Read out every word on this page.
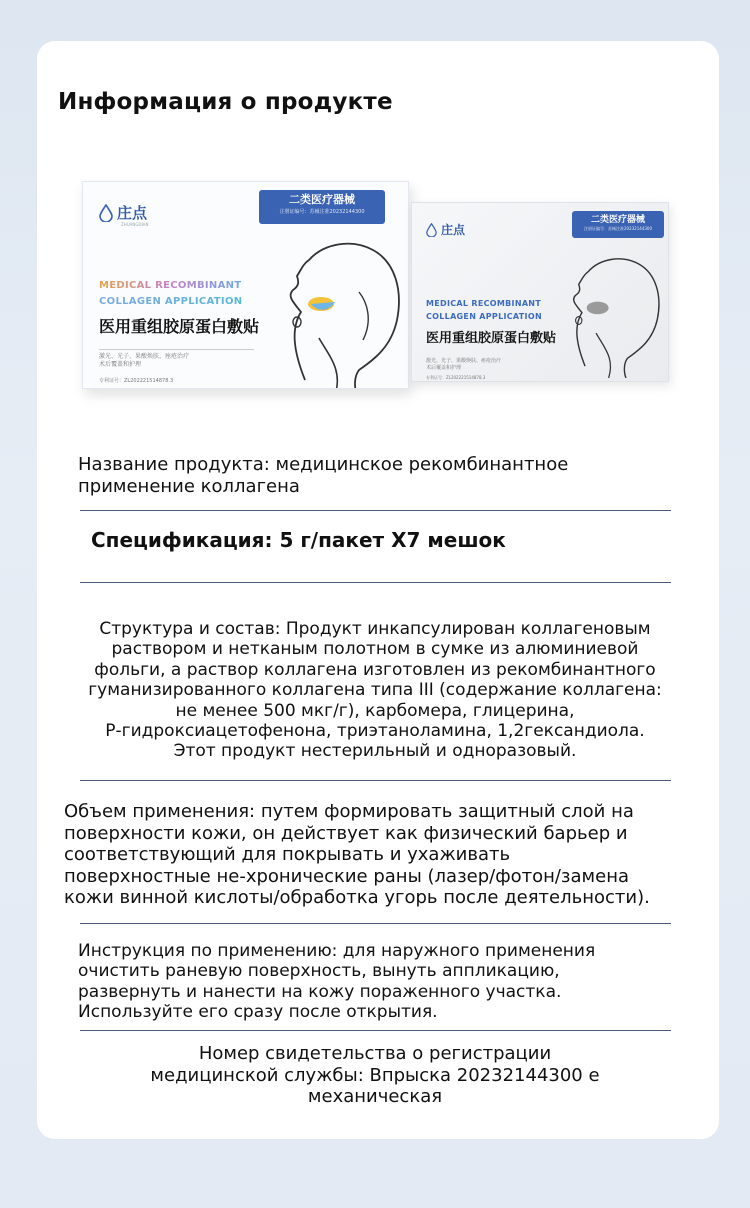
Информация о продукте
庄点
ZHUANGDIAN
二类医疗器械
注册证编号：苏械注准20232144300
MEDICAL RECOMBINANT
COLLAGEN APPLICATION
医用重组胶原蛋白敷贴
激光、光子、果酸焕肤、痤疮治疗
术后覆盖和护理
专利证号：ZL202221514878.3
庄点
二类医疗器械
注册证编号：苏械注准20232144300
MEDICAL RECOMBINANT
COLLAGEN APPLICATION
医用重组胶原蛋白敷贴
激光、光子、果酸焕肤、痤疮治疗
术后覆盖和护理
专利证号：ZL202221514878.3
Название продукта: медицинское рекомбинантное
применение коллагена
Спецификация: 5 г/пакет X7 мешок
Структура и состав: Продукт инкапсулирован коллагеновым
раствором и нетканым полотном в сумке из алюминиевой
фольги, а раствор коллагена изготовлен из рекомбинантного
гуманизированного коллагена типа III (содержание коллагена:
не менее 500 мкг/г), карбомера, глицерина,
Р-гидроксиацетофенона, триэтаноламина, 1,2гександиола.
Этот продукт нестерильный и одноразовый.
Объем применения: путем формировать защитный слой на
поверхности кожи, он действует как физический барьер и
соответствующий для покрывать и ухаживать
поверхностные не-хронические раны (лазер/фотон/замена
кожи винной кислоты/обработка угорь после деятельности).
Инструкция по применению: для наружного применения
очистить раневую поверхность, вынуть аппликацию,
развернуть и нанести на кожу пораженного участка.
Используйте его сразу после открытия.
Номер свидетельства о регистрации
медицинской службы: Впрыска 20232144300 е
механическая
